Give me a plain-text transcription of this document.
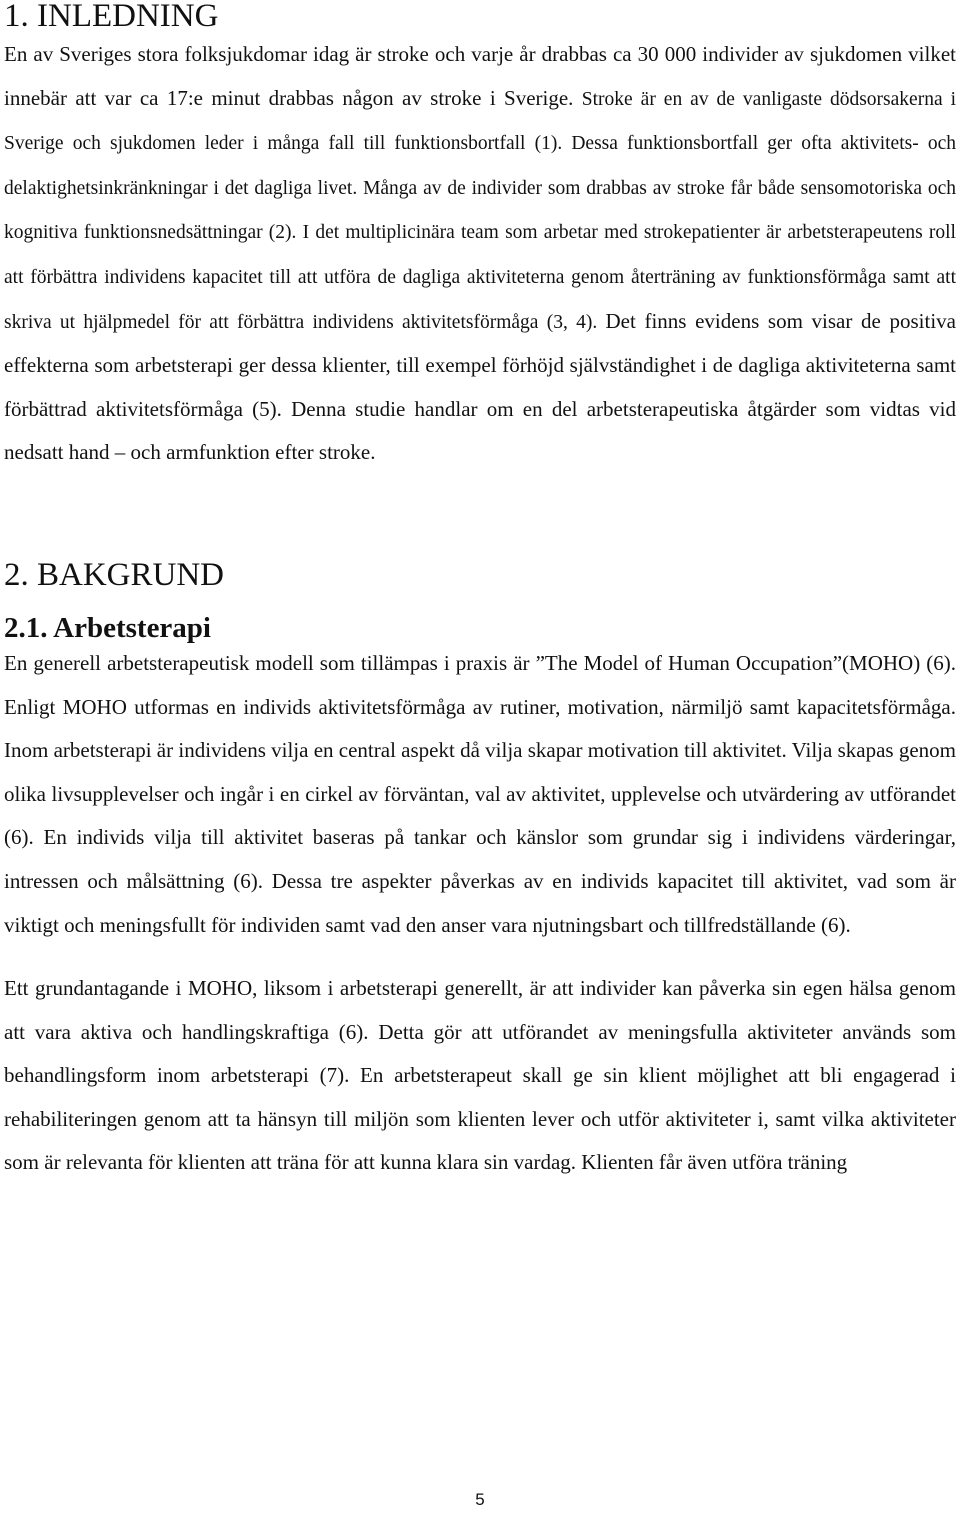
1. INLEDNING

En av Sveriges stora folksjukdomar idag är stroke och varje år drabbas ca 30 000 individer av sjukdomen vilket innebär att var ca 17:e minut drabbas någon av stroke i Sverige. Stroke är en av de vanligaste dödsorsakerna i Sverige och sjukdomen leder i många fall till funktionsbortfall (1). Dessa funktionsbortfall ger ofta aktivitets- och delaktighetsinkränkningar i det dagliga livet. Många av de individer som drabbas av stroke får både sensomotoriska och kognitiva funktionsnedsättningar (2). I det multiplicinära team som arbetar med strokepatienter är arbetsterapeutens roll att förbättra individens kapacitet till att utföra de dagliga aktiviteterna genom återträning av funktionsförmåga samt att skriva ut hjälpmedel för att förbättra individens aktivitetsförmåga (3, 4). Det finns evidens som visar de positiva effekterna som arbetsterapi ger dessa klienter, till exempel förhöjd självständighet i de dagliga aktiviteterna samt förbättrad aktivitetsförmåga (5). Denna studie handlar om en del arbetsterapeutiska åtgärder som vidtas vid nedsatt hand – och armfunktion efter stroke.

2. BAKGRUND
2.1. Arbetsterapi

En generell arbetsterapeutisk modell som tillämpas i praxis är ”The Model of Human Occupation”(MOHO) (6). Enligt MOHO utformas en individs aktivitetsförmåga av rutiner, motivation, närmiljö samt kapacitetsförmåga. Inom arbetsterapi är individens vilja en central aspekt då vilja skapar motivation till aktivitet. Vilja skapas genom olika livsupplevelser och ingår i en cirkel av förväntan, val av aktivitet, upplevelse och utvärdering av utförandet (6). En individs vilja till aktivitet baseras på tankar och känslor som grundar sig i individens värderingar, intressen och målsättning (6). Dessa tre aspekter påverkas av en individs kapacitet till aktivitet, vad som är viktigt och meningsfullt för individen samt vad den anser vara njutningsbart och tillfredställande (6).

Ett grundantagande i MOHO, liksom i arbetsterapi generellt, är att individer kan påverka sin egen hälsa genom att vara aktiva och handlingskraftiga (6). Detta gör att utförandet av meningsfulla aktiviteter används som behandlingsform inom arbetsterapi (7). En arbetsterapeut skall ge sin klient möjlighet att bli engagerad i rehabiliteringen genom att ta hänsyn till miljön som klienten lever och utför aktiviteter i, samt vilka aktiviteter som är relevanta för klienten att träna för att kunna klara sin vardag. Klienten får även utföra träning

5
